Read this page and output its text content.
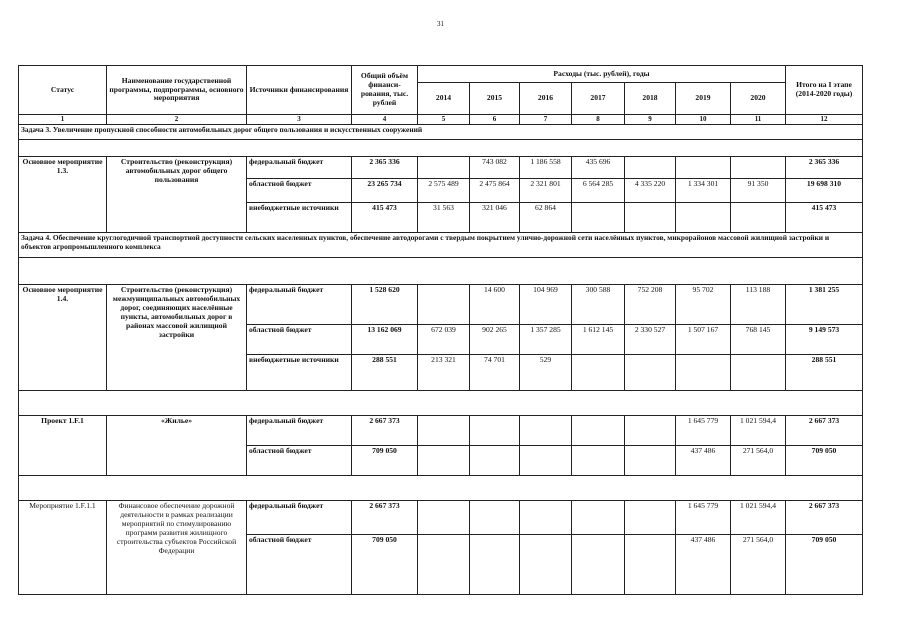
31
Статус	Наименование государственной программы, подпрограммы, основного мероприятия	Источники финансирования	Общий объём финанси-рования, тыс. рублей	Расходы (тыс. рублей), годы							Итого на I этапе (2014-2020 годы)
				2014	2015	2016	2017	2018	2019	2020	
1	2	3	4	5	6	7	8	9	10	11	12
Задача 3. Увеличение пропускной способности автомобильных дорог общего пользования и искусственных сооружений											

Основное мероприятие 1.3.	Строительство (реконструкция) автомобильных дорог общего пользования	федеральный бюджет	2 365 336		743 082	1 186 558	435 696				2 365 336
		областной бюджет	23 265 734	2 575 489	2 475 864	2 321 801	6 564 285	4 335 220	1 334 301	91 350	19 698 310
		внебюджетные источники	415 473	31 563	321 046	62 864					415 473
Задача 4. Обеспечение круглогодичной транспортной доступности сельских населенных пунктов, обеспечение автодорогами с твердым покрытием улично-дорожной сети населённых пунктов, микрорайонов массовой жилищной застройки и объектов агропромышленного комплекса											

Основное мероприятие 1.4.	Строительство (реконструкция) межмуниципальных автомобильных дорог, соединяющих населённые пункты, автомобильных дорог в районах массовой жилищной застройки	федеральный бюджет	1 528 620		14 600	104 969	300 588	752 208	95 702	113 188	1 381 255
		областной бюджет	13 162 069	672 039	902 265	1 357 285	1 612 145	2 330 527	1 507 167	768 145	9 149 573
		внебюджетные источники	288 551	213 321	74 701	529					288 551

Проект 1.F.1	«Жилье»	федеральный бюджет	2 667 373						1 645 779	1 021 594,4	2 667 373
		областной бюджет	709 050						437 486	271 564,0	709 050

Мероприятие 1.F.1.1	Финансовое обеспечение дорожной деятельности в рамках реализации мероприятий по стимулированию программ развития жилищного строительства субъектов Российской Федерации	федеральный бюджет	2 667 373						1 645 779	1 021 594,4	2 667 373
		областной бюджет	709 050						437 486	271 564,0	709 050
